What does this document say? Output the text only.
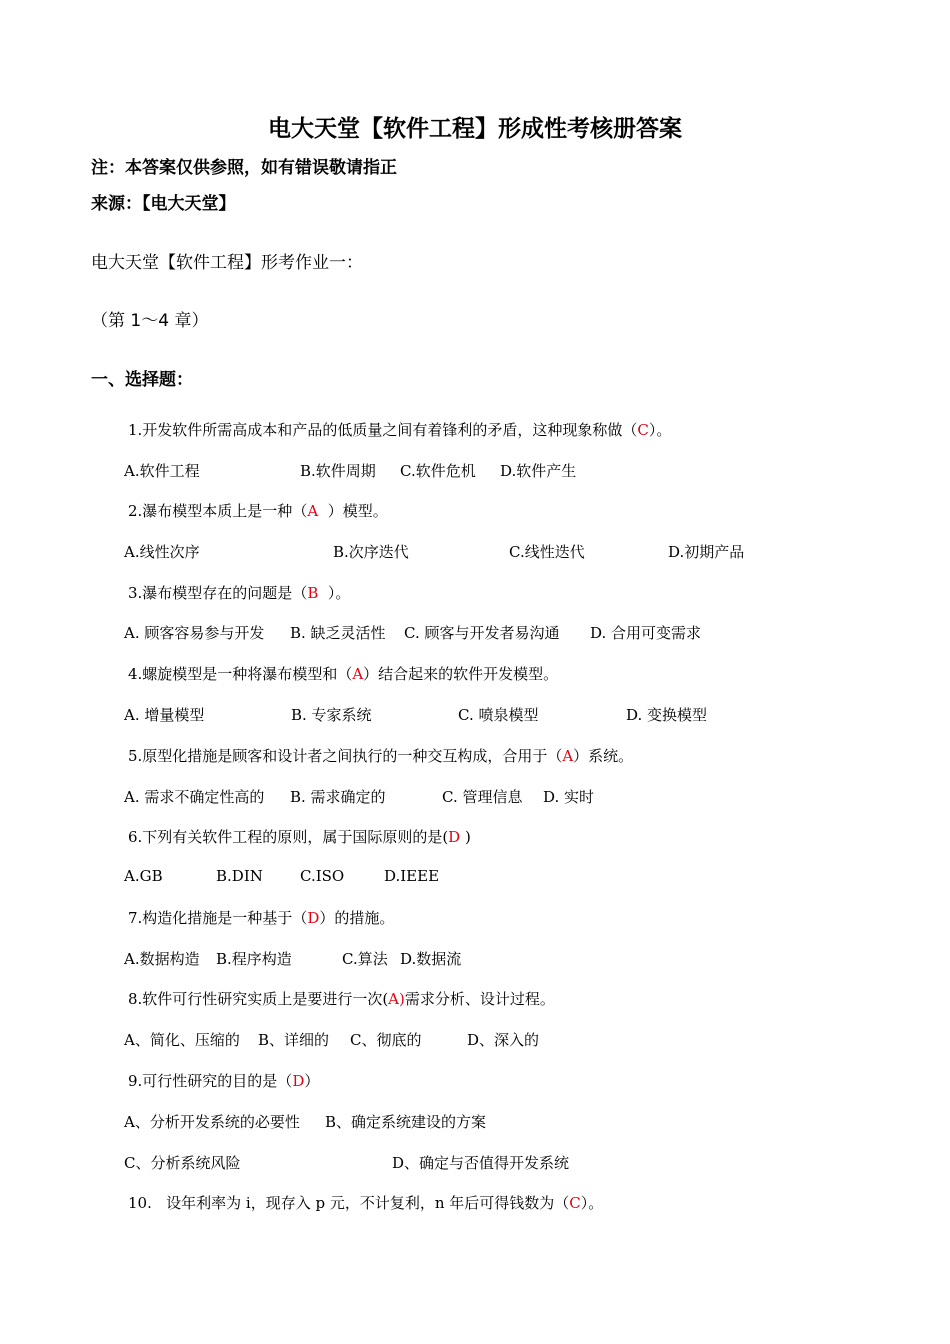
电大天堂【软件工程】形成性考核册答案
注：本答案仅供参照，如有错误敬请指正
来源：【电大天堂】
电大天堂【软件工程】形考作业一：
（第 1～4 章）
一、选择题：
1.开发软件所需高成本和产品的低质量之间有着锋利的矛盾，这种现象称做（C）。
A.软件工程	B.软件周期 C.软件危机 D.软件产生
2.瀑布模型本质上是一种（A  ）模型。
A.线性次序	B.次序迭代	C.线性迭代	D.初期产品
3.瀑布模型存在的问题是（B  ）。
A. 顾客容易参与开发 B. 缺乏灵活性 C. 顾客与开发者易沟通 D. 合用可变需求
4.螺旋模型是一种将瀑布模型和（A）结合起来的软件开发模型。
A. 增量模型	B. 专家系统	C. 喷泉模型	D. 变换模型
5.原型化措施是顾客和设计者之间执行的一种交互构成，合用于（A）系统。
A. 需求不确定性高的 B. 需求确定的	C. 管理信息 D. 实时
6.下列有关软件工程的原则，属于国际原则的是(D )
A.GB	B.DIN C.ISO	D.IEEE
7.构造化措施是一种基于（D）的措施。
A.数据构造 B.程序构造	C.算法 D.数据流
8.软件可行性研究实质上是要进行一次(A)需求分析、设计过程。
A、简化、压缩的 B、详细的 C、彻底的	D、深入的
9.可行性研究的目的是（D）
A、分析开发系统的必要性 B、确定系统建设的方案
C、分析系统风险	D、确定与否值得开发系统
10.   设年利率为 i，现存入 p 元，不计复利，n 年后可得钱数为（C）。
